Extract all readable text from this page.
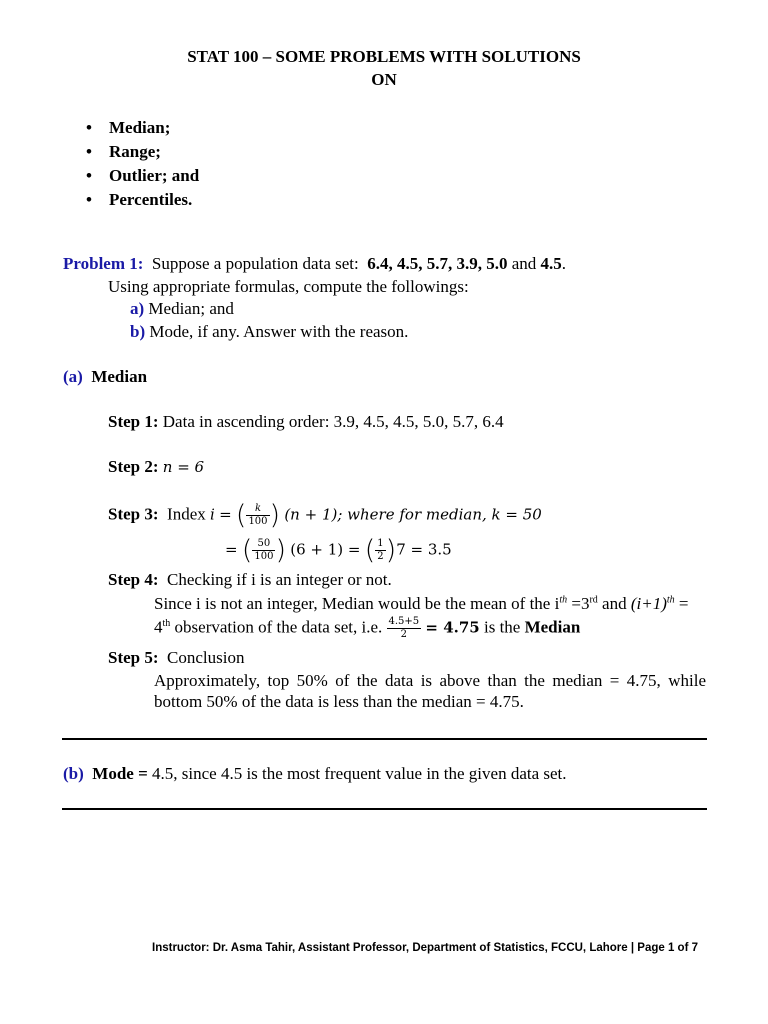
STAT 100 – SOME PROBLEMS WITH SOLUTIONS
ON
• Median;
• Range;
• Outlier; and
• Percentiles.
Problem 1: Suppose a population data set: 6.4, 4.5, 5.7, 3.9, 5.0 and 4.5.
Using appropriate formulas, compute the followings:
a) Median; and
b) Mode, if any. Answer with the reason.
(a) Median
Step 1: Data in ascending order: 3.9, 4.5, 4.5, 5.0, 5.7, 6.4
Step 2: n = 6
Step 3: Index i = ( $\frac{k}{100}$ ) (n + 1); where for median, k = 50
= ( $\frac{50}{100}$ ) (6 + 1) = ( $\frac{1}{2} )7 = 3.5$
Step 4: Checking if i is an integer or not.
Since i is not an integer, Median would be the mean of the $i^{th} =3rd$ and $(i+1)^{th}$ =
4th observation of the data set, i.e. $\frac{4.5+5}{2} = 4.75$ is the Median
Step 5: Conclusion
Approximately, top 50% of the data is above than the median = 4.75, while
bottom 50% of the data is less than the median = 4.75.
(b) Mode = 4.5, since 4.5 is the most frequent value in the given data set.
Instructor: Dr. Asma Tahir, Assistant Professor, Department of Statistics, FCCU, Lahore | Page 1 of 7
